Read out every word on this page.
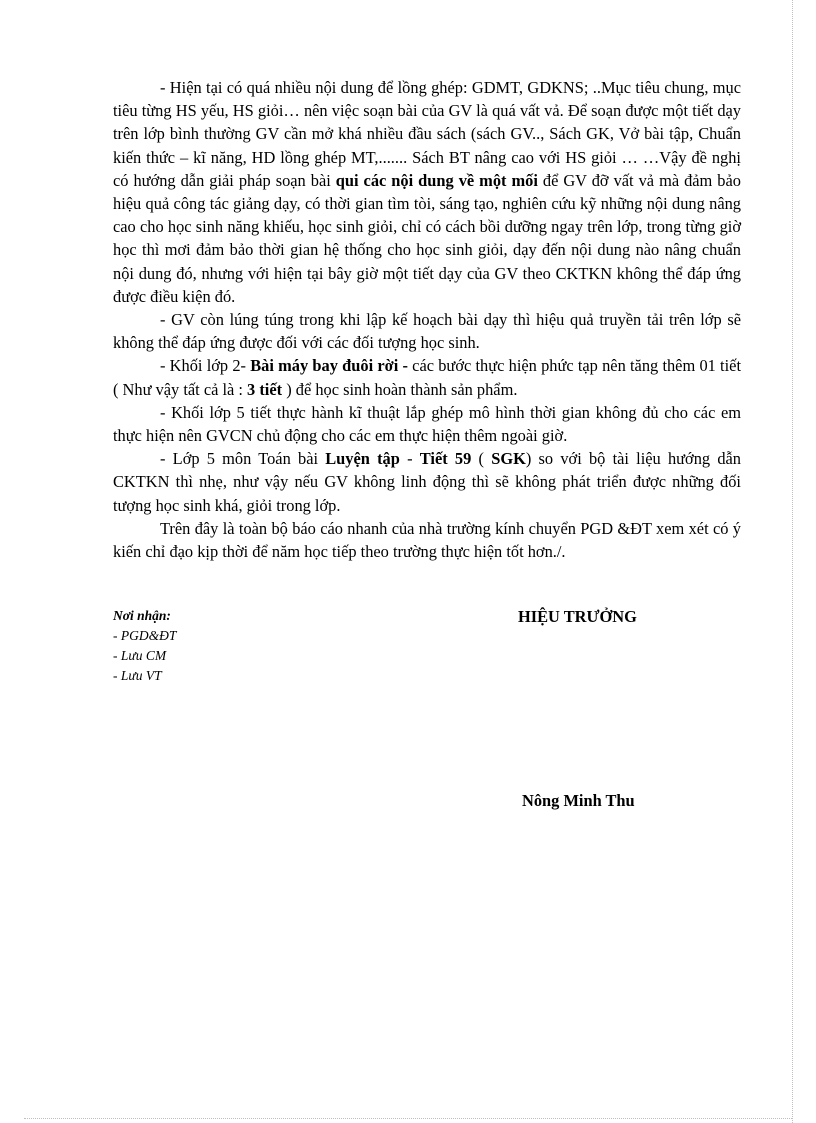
- Hiện tại có quá nhiều nội dung để lồng ghép: GDMT, GDKNS; ..Mục tiêu chung, mục tiêu từng HS yếu, HS giỏi… nên việc soạn bài của GV là quá vất vả. Để soạn được một tiết dạy trên lớp bình thường GV cần mở khá nhiều đầu sách (sách GV.., Sách GK, Vở bài tập, Chuẩn kiến thức – kĩ năng, HD lồng ghép MT,....... Sách BT nâng cao với HS giỏi … …Vậy đề nghị có hướng dẫn giải pháp soạn bài qui các nội dung về một mối để GV đỡ vất vả mà đảm bảo hiệu quả công tác giảng dạy, có thời gian tìm tòi, sáng tạo, nghiên cứu kỹ những nội dung nâng cao cho học sinh năng khiếu, học sinh giỏi, chỉ có cách bồi dưỡng ngay trên lớp, trong từng giờ học thì mơi đảm bảo thời gian hệ thống cho học sinh giỏi, dạy đến nội dung nào nâng chuẩn nội dung đó, nhưng với hiện tại bây giờ một tiết dạy của GV theo CKTKN không thể đáp ứng được điều kiện đó.

- GV còn lúng túng trong khi lập kế hoạch bài dạy thì hiệu quả truyền tải trên lớp sẽ không thể đáp ứng được đối với các đối tượng học sinh.

- Khối lớp 2- Bài máy bay đuôi rời - các bước thực hiện phức tạp nên tăng thêm 01 tiết ( Như vậy tất cả là : 3 tiết ) để học sinh hoàn thành sản phẩm.

- Khối lớp 5 tiết thực hành kĩ thuật lắp ghép mô hình thời gian không đủ cho các em thực hiện nên GVCN chủ động cho các em thực hiện thêm ngoài giờ.

- Lớp 5 môn Toán bài Luyện tập - Tiết 59 ( SGK) so với bộ tài liệu hướng dẫn CKTKN thì nhẹ, như vậy nếu GV không linh động thì sẽ không phát triển được những đối tượng học sinh khá, giỏi trong lớp.

Trên đây là toàn bộ báo cáo nhanh của nhà trường kính chuyển PGD &ĐT xem xét có ý kiến chỉ đạo kịp thời để năm học tiếp theo trường thực hiện tốt hơn./.

Nơi nhận:
- PGD&ĐT
- Lưu CM
- Lưu VT
HIỆU TRƯỞNG
Nông Minh Thu
